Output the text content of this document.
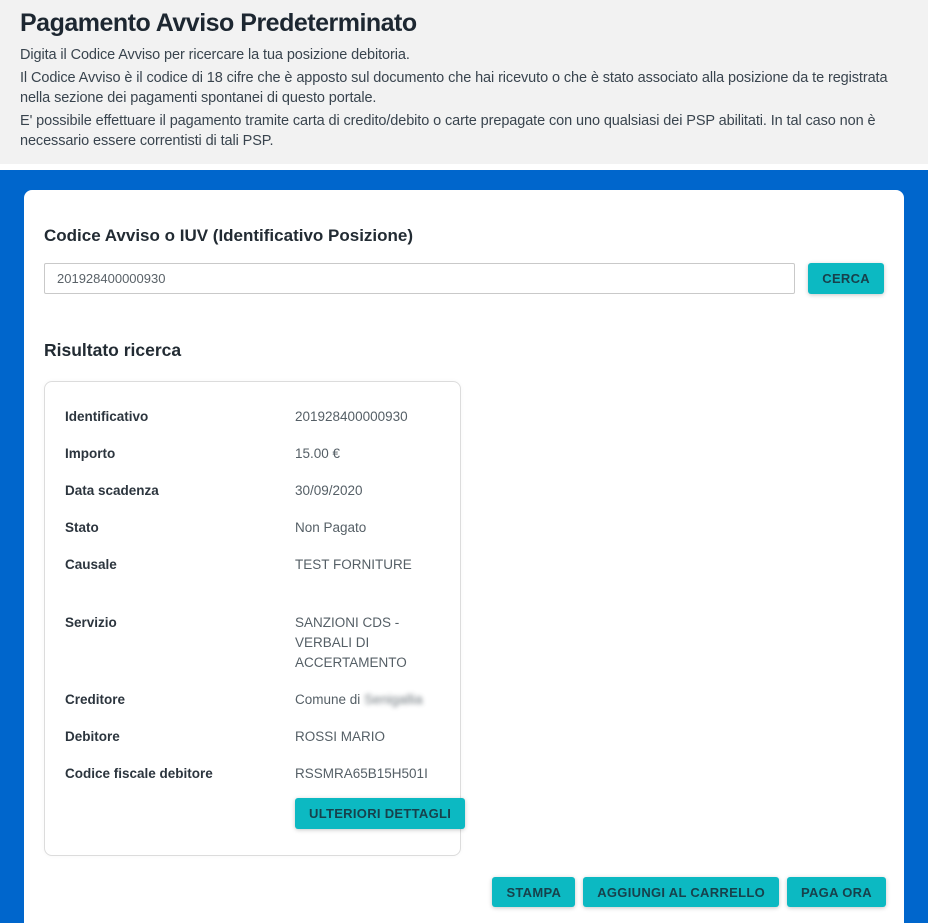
Pagamento Avviso Predeterminato

Digita il Codice Avviso per ricercare la tua posizione debitoria.

Il Codice Avviso è il codice di 18 cifre che è apposto sul documento che hai ricevuto o che è stato associato alla posizione da te registrata nella sezione dei pagamenti spontanei di questo portale.

E' possibile effettuare il pagamento tramite carta di credito/debito o carte prepagate con uno qualsiasi dei PSP abilitati. In tal caso non è necessario essere correntisti di tali PSP.

Codice Avviso o IUV (Identificativo Posizione)
201928400000930
CERCA
Risultato ricerca
Identificativo	201928400000930
Importo	15.00 €
Data scadenza	30/09/2020
Stato	Non Pagato
Causale	TEST FORNITURE
Servizio	SANZIONI CDS - VERBALI DI ACCERTAMENTO
Creditore	Comune di Senigallia
Debitore	ROSSI MARIO
Codice fiscale debitore	RSSMRA65B15H501I
ULTERIORI DETTAGLI
STAMPA	AGGIUNGI AL CARRELLO	PAGA ORA
